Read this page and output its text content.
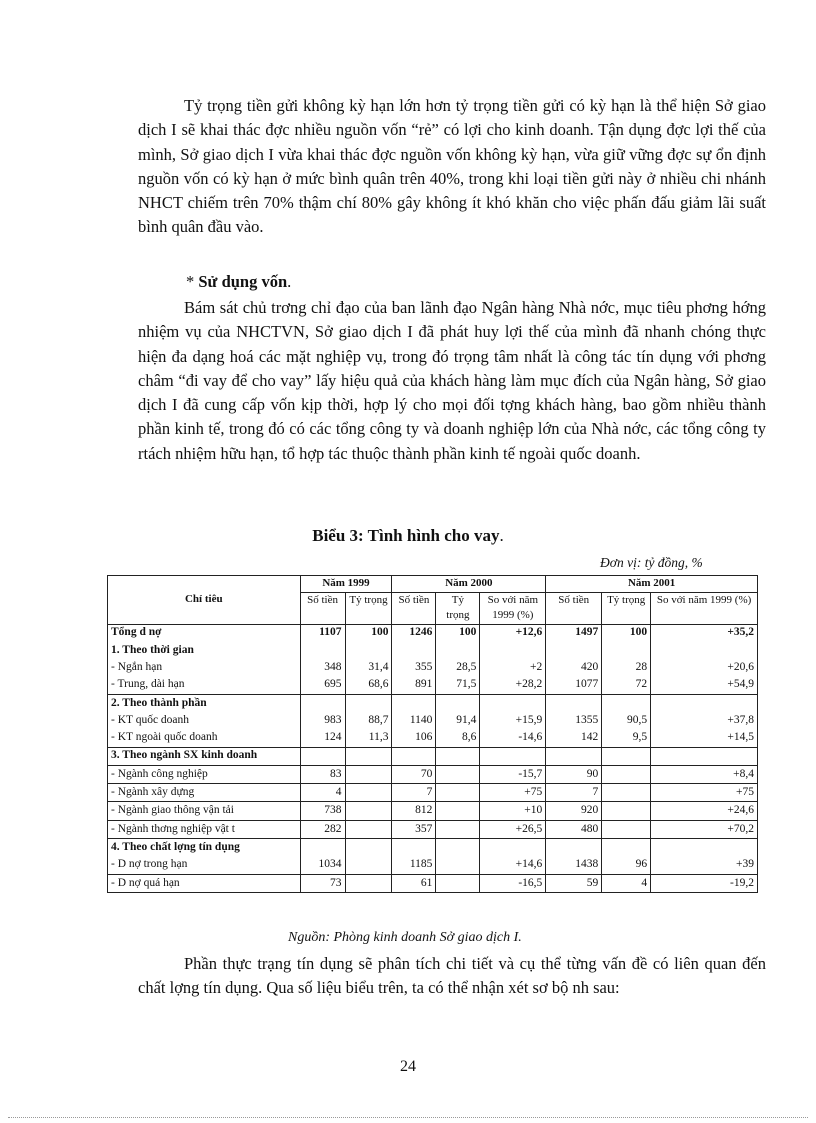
Tỷ trọng tiền gửi không kỳ hạn lớn hơn tỷ trọng tiền gửi có kỳ hạn là thể hiện Sở giao dịch I sẽ khai thác đợc nhiều nguồn vốn “rẻ” có lợi cho kinh doanh. Tận dụng đợc lợi thế của mình, Sở giao dịch I vừa khai thác đợc nguồn vốn không kỳ hạn, vừa giữ vững đợc sự ổn định nguồn vốn có kỳ hạn ở mức bình quân trên 40%, trong khi loại tiền gửi này ở nhiều chi nhánh NHCT chiếm trên 70% thậm chí 80% gây không ít khó khăn cho việc phấn đấu giảm lãi suất bình quân đầu vào.

* Sử dụng vốn.

Bám sát chủ trơng chỉ đạo của ban lãnh đạo Ngân hàng Nhà nớc, mục tiêu phơng hớng nhiệm vụ của NHCTVN, Sở giao dịch I đã phát huy lợi thế của mình đã nhanh chóng thực hiện đa dạng hoá các mặt nghiệp vụ, trong đó trọng tâm nhất là công tác tín dụng với phơng châm “đi vay để cho vay” lấy hiệu quả của khách hàng làm mục đích của Ngân hàng, Sở giao dịch I đã cung cấp vốn kịp thời, hợp lý cho mọi đối tợng khách hàng, bao gồm nhiều thành phần kinh tế, trong đó có các tổng công ty và doanh nghiệp lớn của Nhà nớc, các tổng công ty rtách nhiệm hữu hạn, tổ hợp tác thuộc thành phần kinh tế ngoài quốc doanh.

Biểu 3: Tình hình cho vay.

Đơn vị: tỷ đồng, %

Chỉ tiêu	Năm 1999		Năm 2000			Năm 2001		
	Số tiền	Tỷ trọng	Số tiền	Tỷ trọng	So với năm 1999 (%)	Số tiền	Tỷ trọng	So với năm 1999 (%)
Tổng d nợ	1107	100	1246	100	+12,6	1497	100	+35,2
1. Theo thời gian								
- Ngắn hạn	348	31,4	355	28,5	+2	420	28	+20,6
- Trung, dài hạn	695	68,6	891	71,5	+28,2	1077	72	+54,9
2. Theo thành phần								
- KT quốc doanh	983	88,7	1140	91,4	+15,9	1355	90,5	+37,8
- KT ngoài quốc doanh	124	11,3	106	8,6	-14,6	142	9,5	+14,5
3. Theo ngành SX kinh doanh								
- Ngành công nghiệp	83		70		-15,7	90		+8,4
- Ngành xây dựng	4		7		+75	7		+75
- Ngành giao thông vận tải	738		812		+10	920		+24,6
- Ngành thơng nghiệp vật t	282		357		+26,5	480		+70,2
4. Theo chất lợng tín dụng								
- D nợ trong hạn	1034		1185		+14,6	1438	96	+39
- D nợ quá hạn	73		61		-16,5	59	4	-19,2

Nguồn: Phòng kinh doanh Sở giao dịch I.

Phần thực trạng tín dụng sẽ phân tích chi tiết và cụ thể từng vấn đề có liên quan đến chất lợng tín dụng. Qua số liệu biểu trên, ta có thể nhận xét sơ bộ nh sau:

24
